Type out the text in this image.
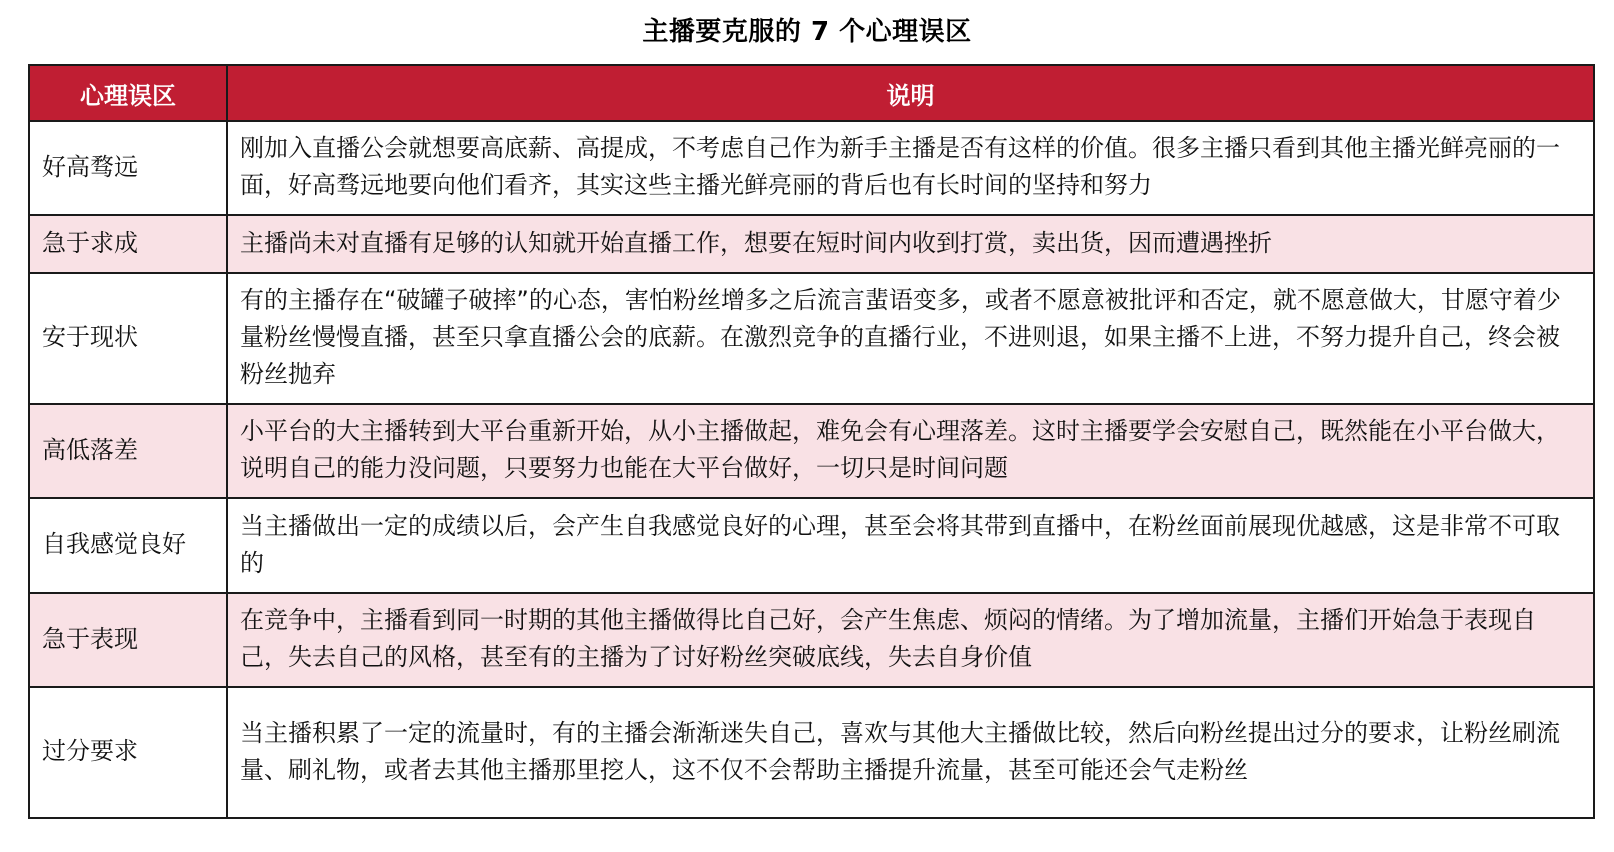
主播要克服的 7 个心理误区
心理误区	说明
好高骛远	刚加入直播公会就想要高底薪、高提成，不考虑自己作为新手主播是否有这样的价值。很多主播只看到其他主播光鲜亮丽的一面，好高骛远地要向他们看齐，其实这些主播光鲜亮丽的背后也有长时间的坚持和努力
急于求成	主播尚未对直播有足够的认知就开始直播工作，想要在短时间内收到打赏，卖出货，因而遭遇挫折
安于现状	有的主播存在“破罐子破摔”的心态，害怕粉丝增多之后流言蜚语变多，或者不愿意被批评和否定，就不愿意做大，甘愿守着少量粉丝慢慢直播，甚至只拿直播公会的底薪。在激烈竞争的直播行业，不进则退，如果主播不上进，不努力提升自己，终会被粉丝抛弃
高低落差	小平台的大主播转到大平台重新开始，从小主播做起，难免会有心理落差。这时主播要学会安慰自己，既然能在小平台做大，说明自己的能力没问题，只要努力也能在大平台做好，一切只是时间问题
自我感觉良好	当主播做出一定的成绩以后，会产生自我感觉良好的心理，甚至会将其带到直播中，在粉丝面前展现优越感，这是非常不可取的
急于表现	在竞争中，主播看到同一时期的其他主播做得比自己好，会产生焦虑、烦闷的情绪。为了增加流量，主播们开始急于表现自己，失去自己的风格，甚至有的主播为了讨好粉丝突破底线，失去自身价值
过分要求	当主播积累了一定的流量时，有的主播会渐渐迷失自己，喜欢与其他大主播做比较，然后向粉丝提出过分的要求，让粉丝刷流量、刷礼物，或者去其他主播那里挖人，这不仅不会帮助主播提升流量，甚至可能还会气走粉丝
